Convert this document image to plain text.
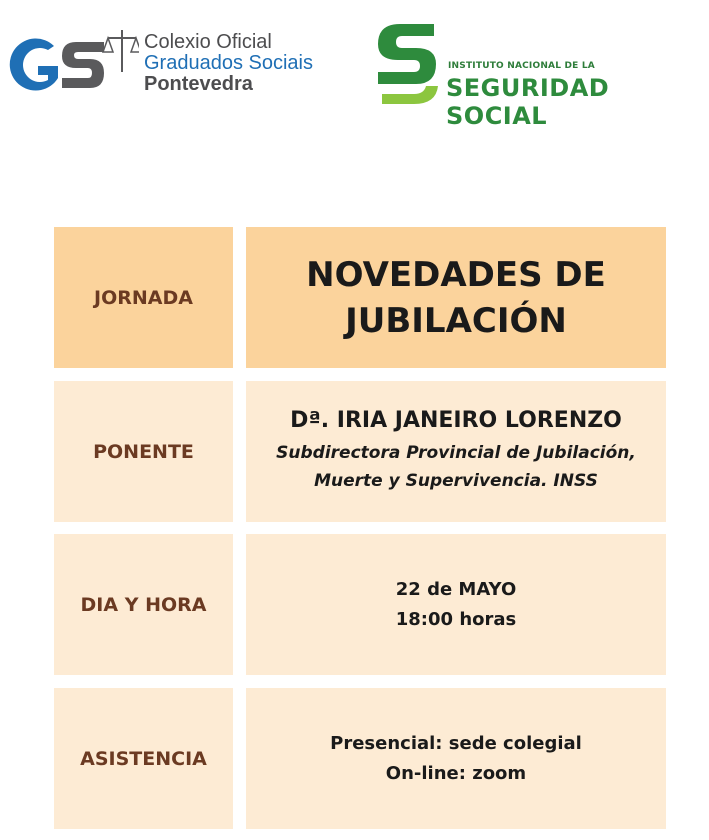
Colexio Oficial
Graduados Sociais
Pontevedra
INSTITUTO NACIONAL DE LA
SEGURIDAD SOCIAL
JORNADA
NOVEDADES DE
JUBILACIÓN
PONENTE
Dª. IRIA JANEIRO LORENZO
Subdirectora Provincial de Jubilación,
Muerte y Supervivencia. INSS
DIA Y HORA
22 de MAYO
18:00 horas
ASISTENCIA
Presencial: sede colegial
On-line: zoom
